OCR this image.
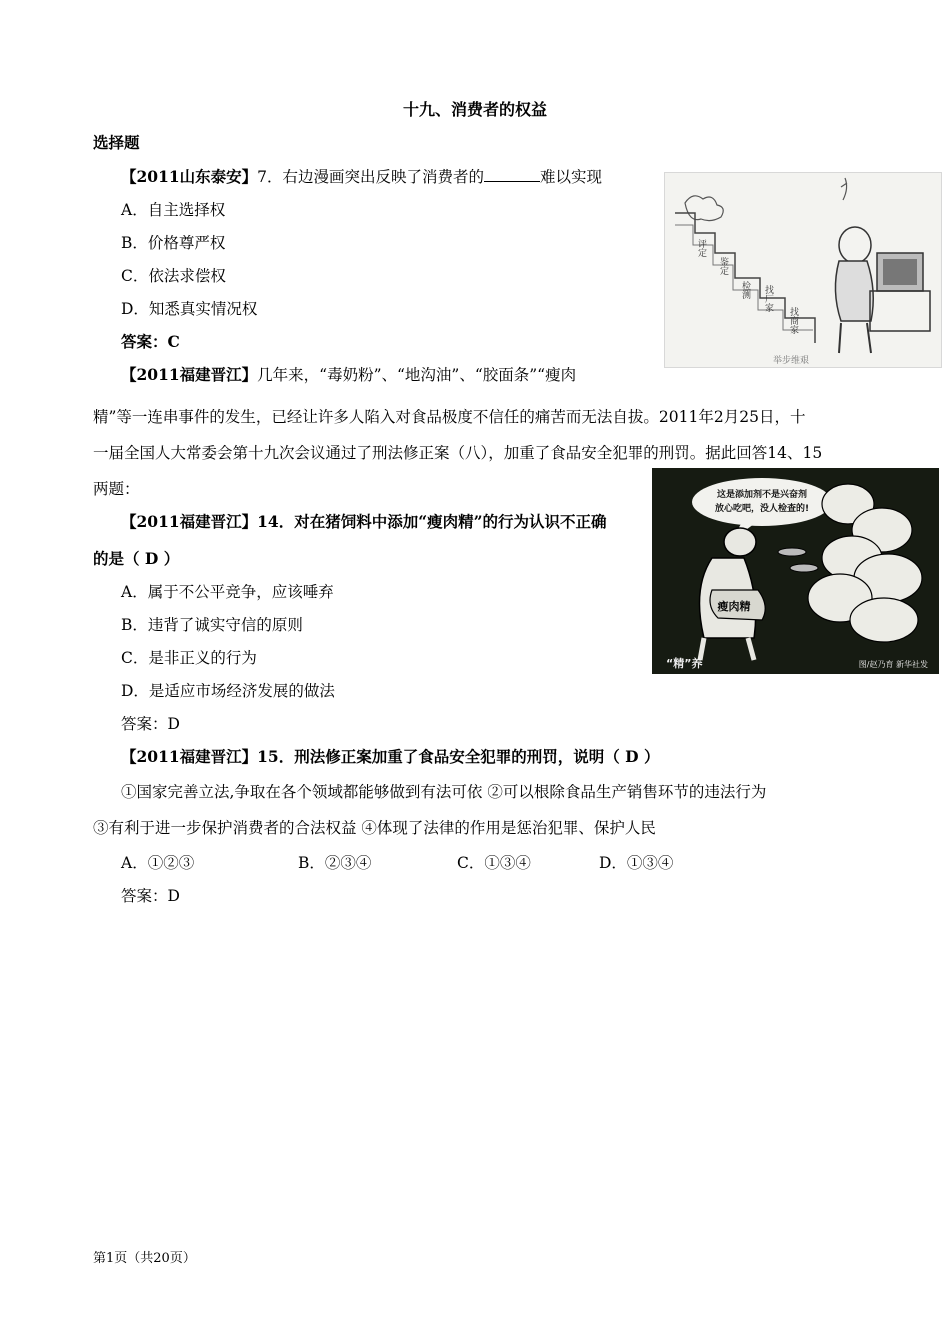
十九、消费者的权益
选择题
【2011山东泰安】7．右边漫画突出反映了消费者的	难以实现
A．自主选择权
B．价格尊严权
C．依法求偿权
D．知悉真实情况权
答案：C
评定
鉴定
检测 找厂家
找商家
举步维艰
【2011福建晋江】几年来，“毒奶粉”、“地沟油”、“胶面条”“瘦肉
精”等一连串事件的发生，已经让许多人陷入对食品极度不信任的痛苦而无法自拔。2011年2月25日，十
一届全国人大常委会第十九次会议通过了刑法修正案（八），加重了食品安全犯罪的刑罚。据此回答14、15
两题：
【2011福建晋江】14．对在猪饲料中添加“瘦肉精”的行为认识不正确
的是（ D ）
A．属于不公平竞争，应该唾弃
B．违背了诚实守信的原则
C．是非正义的行为
D．是适应市场经济发展的做法
答案：D
这是添加剂不是兴奋剂
放心吃吧，没人检查的!
瘦肉精
“精”养	图/赵乃育 新华社发
【2011福建晋江】15．刑法修正案加重了食品安全犯罪的刑罚，说明（ D ）
①国家完善立法,争取在各个领域都能够做到有法可依 ②可以根除食品生产销售环节的违法行为
③有利于进一步保护消费者的合法权益 ④体现了法律的作用是惩治犯罪、保护人民
A．①②③	B．②③④	C．①③④	D．①③④
答案：D
第1页（共20页）
